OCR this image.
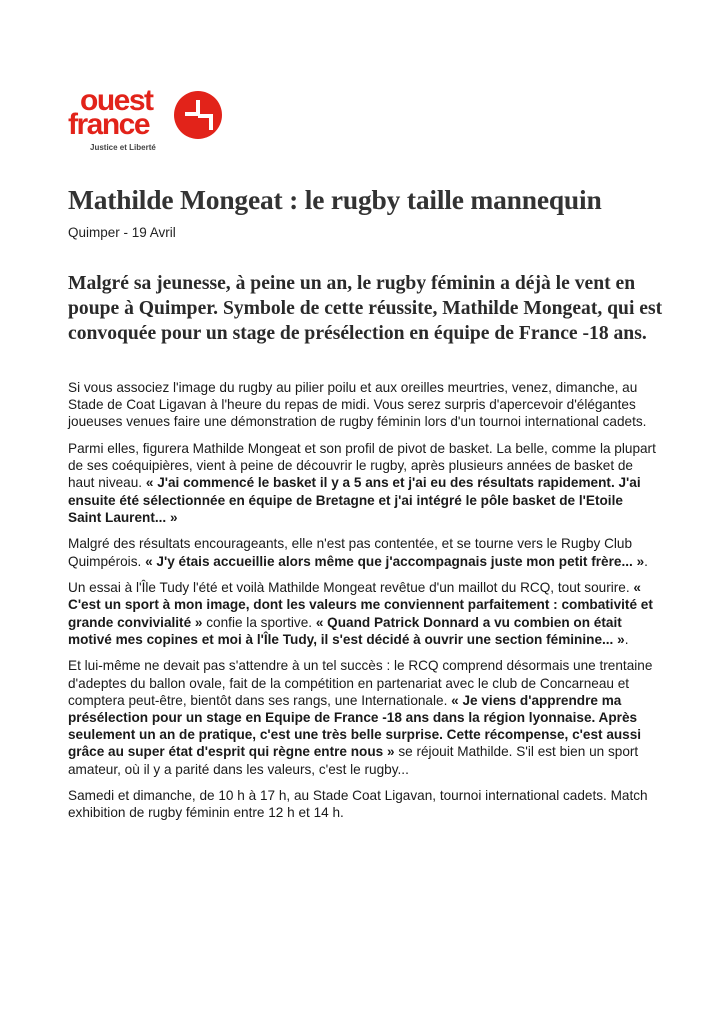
ouest
france
Justice et Liberté
Mathilde Mongeat : le rugby taille mannequin
Quimper - 19 Avril
Malgré sa jeunesse, à peine un an, le rugby féminin a déjà le vent en poupe à Quimper. Symbole de cette réussite, Mathilde Mongeat, qui est convoquée pour un stage de présélection en équipe de France -18 ans.

Si vous associez l'image du rugby au pilier poilu et aux oreilles meurtries, venez, dimanche, au Stade de Coat Ligavan à l'heure du repas de midi. Vous serez surpris d'apercevoir d'élégantes joueuses venues faire une démonstration de rugby féminin lors d'un tournoi international cadets.

Parmi elles, figurera Mathilde Mongeat et son profil de pivot de basket. La belle, comme la plupart de ses coéquipières, vient à peine de découvrir le rugby, après plusieurs années de basket de haut niveau. « J'ai commencé le basket il y a 5 ans et j'ai eu des résultats rapidement. J'ai ensuite été sélectionnée en équipe de Bretagne et j'ai intégré le pôle basket de l'Etoile Saint Laurent... »

Malgré des résultats encourageants, elle n'est pas contentée, et se tourne vers le Rugby Club Quimpérois. « J'y étais accueillie alors même que j'accompagnais juste mon petit frère... ».

Un essai à l'Île Tudy l'été et voilà Mathilde Mongeat revêtue d'un maillot du RCQ, tout sourire. « C'est un sport à mon image, dont les valeurs me conviennent parfaitement : combativité et grande convivialité » confie la sportive. « Quand Patrick Donnard a vu combien on était motivé mes copines et moi à l'Île Tudy, il s'est décidé à ouvrir une section féminine... ».

Et lui-même ne devait pas s'attendre à un tel succès : le RCQ comprend désormais une trentaine d'adeptes du ballon ovale, fait de la compétition en partenariat avec le club de Concarneau et comptera peut-être, bientôt dans ses rangs, une Internationale. « Je viens d'apprendre ma présélection pour un stage en Equipe de France -18 ans dans la région lyonnaise. Après seulement un an de pratique, c'est une très belle surprise. Cette récompense, c'est aussi grâce au super état d'esprit qui règne entre nous » se réjouit Mathilde. S'il est bien un sport amateur, où il y a parité dans les valeurs, c'est le rugby...

Samedi et dimanche, de 10 h à 17 h, au Stade Coat Ligavan, tournoi international cadets. Match exhibition de rugby féminin entre 12 h et 14 h.
